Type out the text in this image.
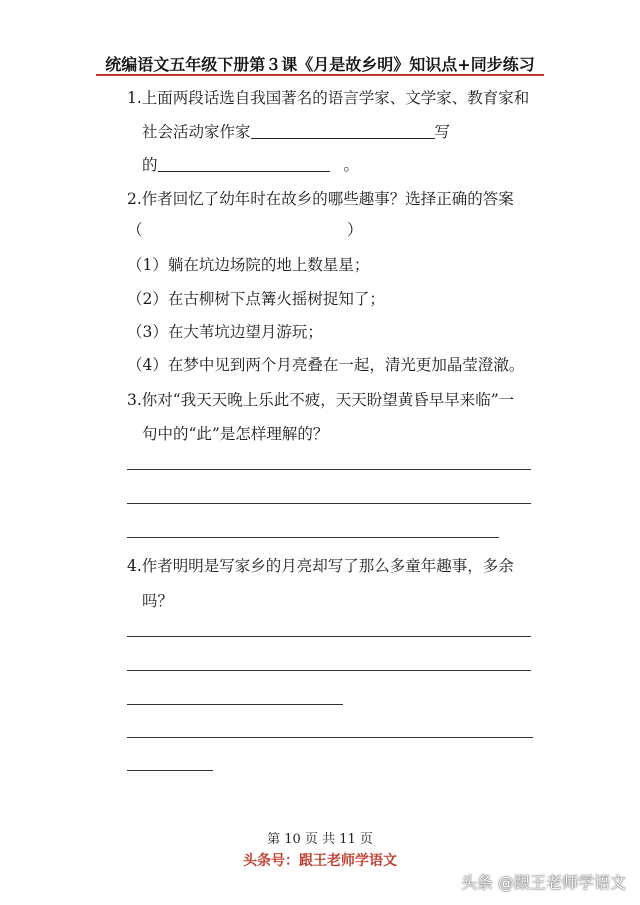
统编语文五年级下册第３课《月是故乡明》知识点+同步练习
1.上面两段话选自我国著名的语言学家、文学家、教育家和
社会活动家作家	写
的	。
2.作者回忆了幼年时在故乡的哪些趣事？选择正确的答案
（	）
（1）躺在坑边场院的地上数星星；
（2）在古柳树下点篝火摇树捉知了；
（3）在大苇坑边望月游玩；
（4）在梦中见到两个月亮叠在一起，清光更加晶莹澄澈。
3.你对“我天天晚上乐此不疲，天天盼望黄昏早早来临”一
句中的“此”是怎样理解的？
4.作者明明是写家乡的月亮却写了那么多童年趣事，多余
吗？
第 10 页 共 11 页
头条号：跟王老师学语文
头条 @跟王老师学语文
